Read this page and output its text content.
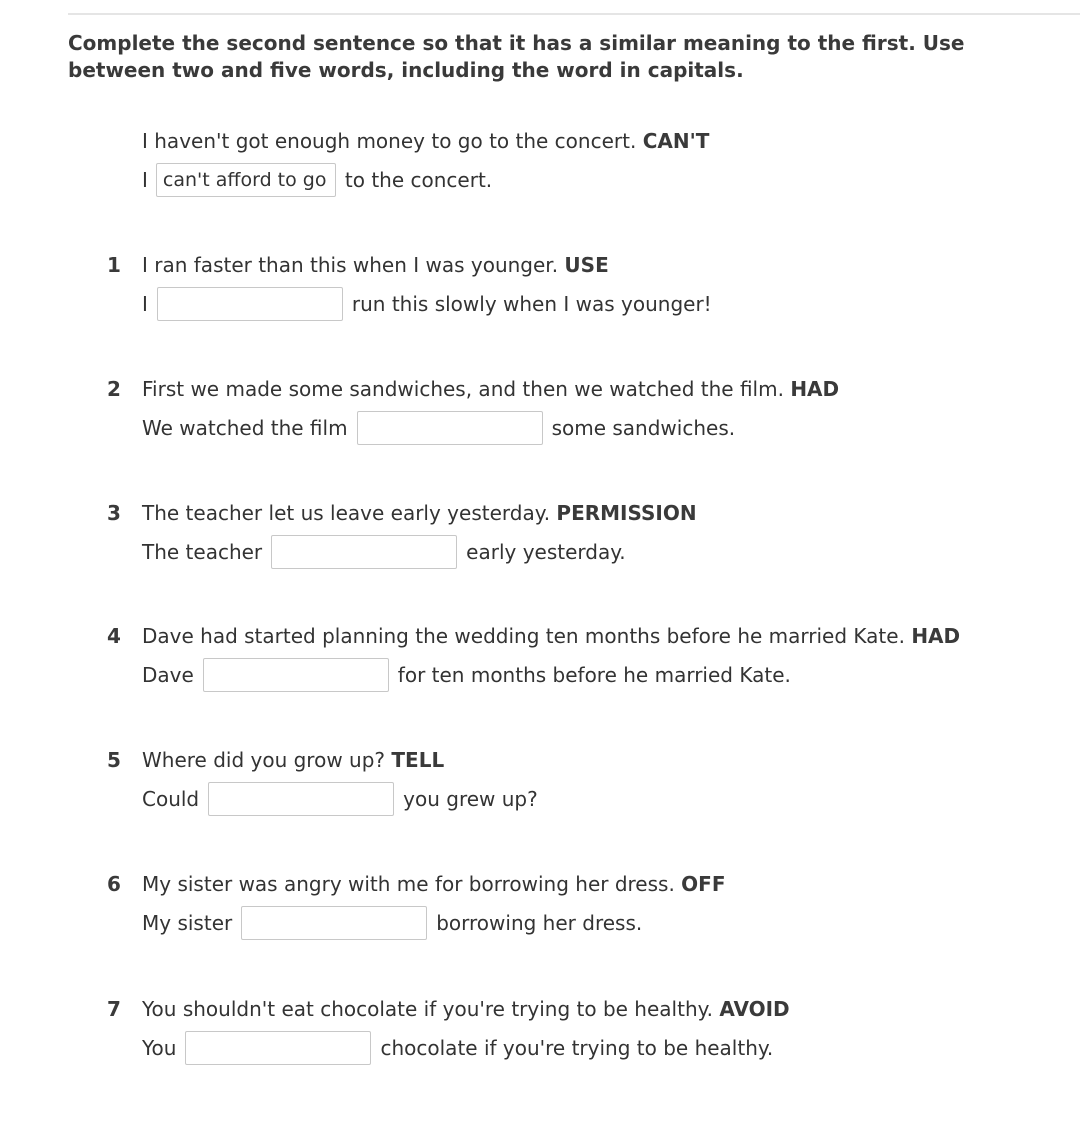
Complete the second sentence so that it has a similar meaning to the first. Use between two and five words, including the word in capitals.

I haven't got enough money to go to the concert. CAN'T
I
can't afford to go	to the concert.
1 I ran faster than this when I was younger. USE
I	run this slowly when I was younger!
2 First we made some sandwiches, and then we watched the film. HAD
We watched the film	some sandwiches.
3 The teacher let us leave early yesterday. PERMISSION
The teacher	early yesterday.
4 Dave had started planning the wedding ten months before he married Kate. HAD
Dave	for ten months before he married Kate.
5 Where did you grow up? TELL
Could	you grew up?
6 My sister was angry with me for borrowing her dress. OFF
My sister	borrowing her dress.
7 You shouldn't eat chocolate if you're trying to be healthy. AVOID
You	chocolate if you're trying to be healthy.
